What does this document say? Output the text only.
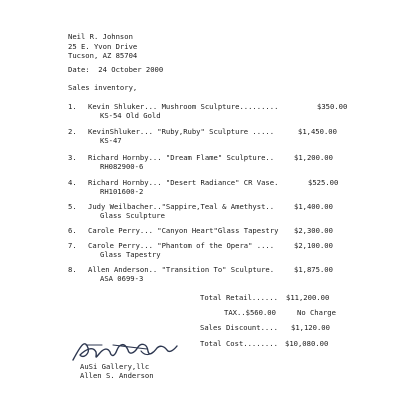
Neil R. Johnson
25 E. Yvon Drive
Tucson, AZ 85704
Date:  24 October 2000
Sales inventory,
1. Kevin Shluker... Mushroom Sculpture.........	$350.00
KS-54 Old Gold
2. KevinShluker... "Ruby,Ruby" Sculpture .....	$1,450.00
KS-47
3. Richard Hornby... "Dream Flame" Sculpture..	$1,200.00
RH082900-6
4. Richard Hornby... "Desert Radiance" CR Vase.	$525.00
RH101600-2
5. Judy Weilbacher.."Sappire,Teal & Amethyst..	$1,400.00
Glass Sculpture
6. Carole Perry... "Canyon Heart"Glass Tapestry $2,300.00
7. Carole Perry... "Phantom of the Opera" ....	$2,100.00
Glass Tapestry
8. Allen Anderson.. "Transition To" Sculpture.	$1,875.00
ASA 0699-3
Total Retail...... $11,200.00
TAX..$560.00	No Charge
Sales Discount.... $1,120.00
Total Cost........ $10,080.00
AuSi Gallery,llc
Allen S. Anderson
